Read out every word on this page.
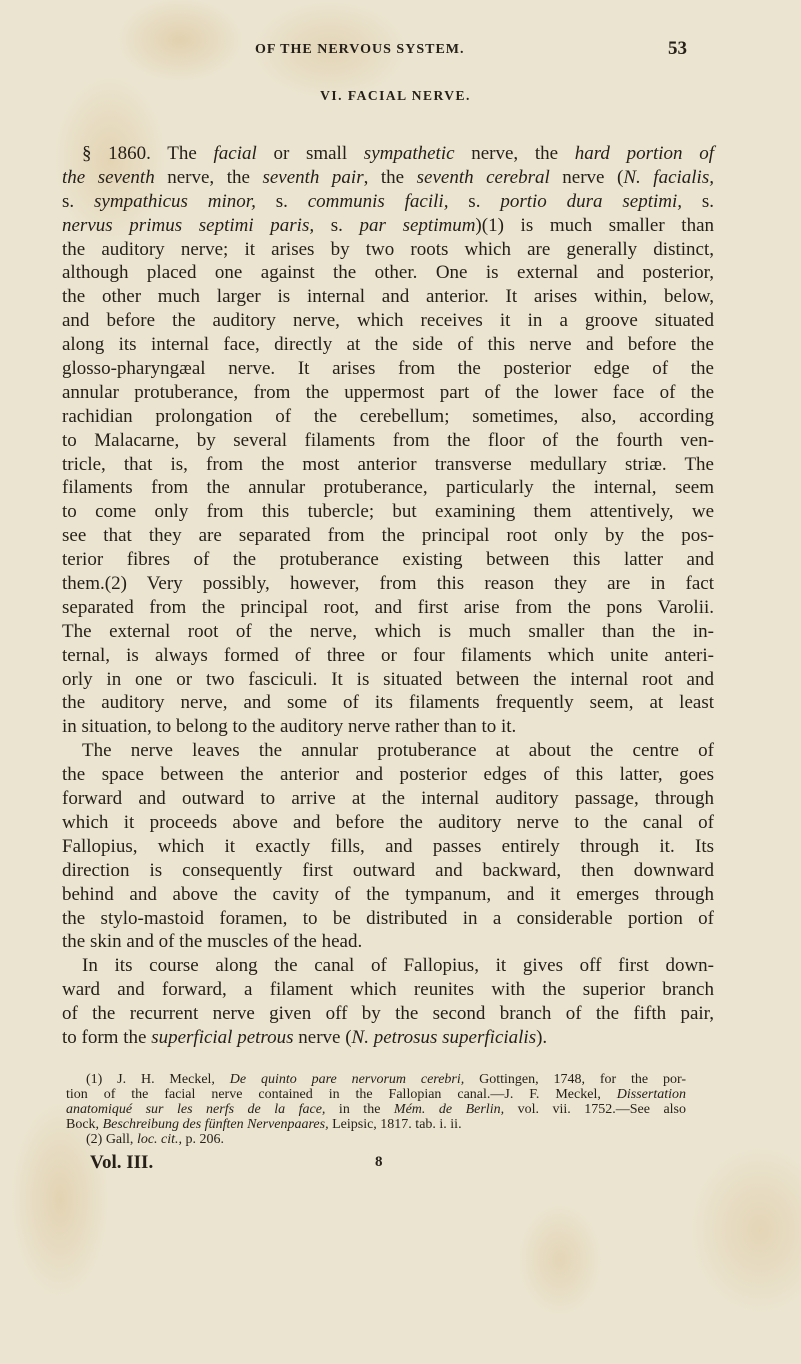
OF THE NERVOUS SYSTEM.	53
VI. FACIAL NERVE.
§ 1860. The facial or small sympathetic nerve, the hard portion of
the seventh nerve, the seventh pair, the seventh cerebral nerve (N. facialis,
s. sympathicus minor, s. communis facili, s. portio dura septimi, s.
nervus primus septimi paris, s. par septimum)(1) is much smaller than
the auditory nerve; it arises by two roots which are generally distinct,
although placed one against the other. One is external and posterior,
the other much larger is internal and anterior. It arises within, below,
and before the auditory nerve, which receives it in a groove situated
along its internal face, directly at the side of this nerve and before the
glosso-pharyngæal nerve. It arises from the posterior edge of the
annular protuberance, from the uppermost part of the lower face of the
rachidian prolongation of the cerebellum; sometimes, also, according
to Malacarne, by several filaments from the floor of the fourth ven-
tricle, that is, from the most anterior transverse medullary striæ. The
filaments from the annular protuberance, particularly the internal, seem
to come only from this tubercle; but examining them attentively, we
see that they are separated from the principal root only by the pos-
terior fibres of the protuberance existing between this latter and
them.(2) Very possibly, however, from this reason they are in fact
separated from the principal root, and first arise from the pons Varolii.
The external root of the nerve, which is much smaller than the in-
ternal, is always formed of three or four filaments which unite anteri-
orly in one or two fasciculi. It is situated between the internal root and
the auditory nerve, and some of its filaments frequently seem, at least
in situation, to belong to the auditory nerve rather than to it.
The nerve leaves the annular protuberance at about the centre of
the space between the anterior and posterior edges of this latter, goes
forward and outward to arrive at the internal auditory passage, through
which it proceeds above and before the auditory nerve to the canal of
Fallopius, which it exactly fills, and passes entirely through it. Its
direction is consequently first outward and backward, then downward
behind and above the cavity of the tympanum, and it emerges through
the stylo-mastoid foramen, to be distributed in a considerable portion of
the skin and of the muscles of the head.
In its course along the canal of Fallopius, it gives off first down-
ward and forward, a filament which reunites with the superior branch
of the recurrent nerve given off by the second branch of the fifth pair,
to form the superficial petrous nerve (N. petrosus superficialis).
(1) J. H. Meckel, De quinto pare nervorum cerebri, Gottingen, 1748, for the por-
tion of the facial nerve contained in the Fallopian canal.—J. F. Meckel, Dissertation
anatomiqué sur les nerfs de la face, in the Mém. de Berlin, vol. vii. 1752.—See also
Bock, Beschreibung des fünften Nervenpaares, Leipsic, 1817. tab. i. ii.
(2) Gall, loc. cit., p. 206.
Vol. III.	8
